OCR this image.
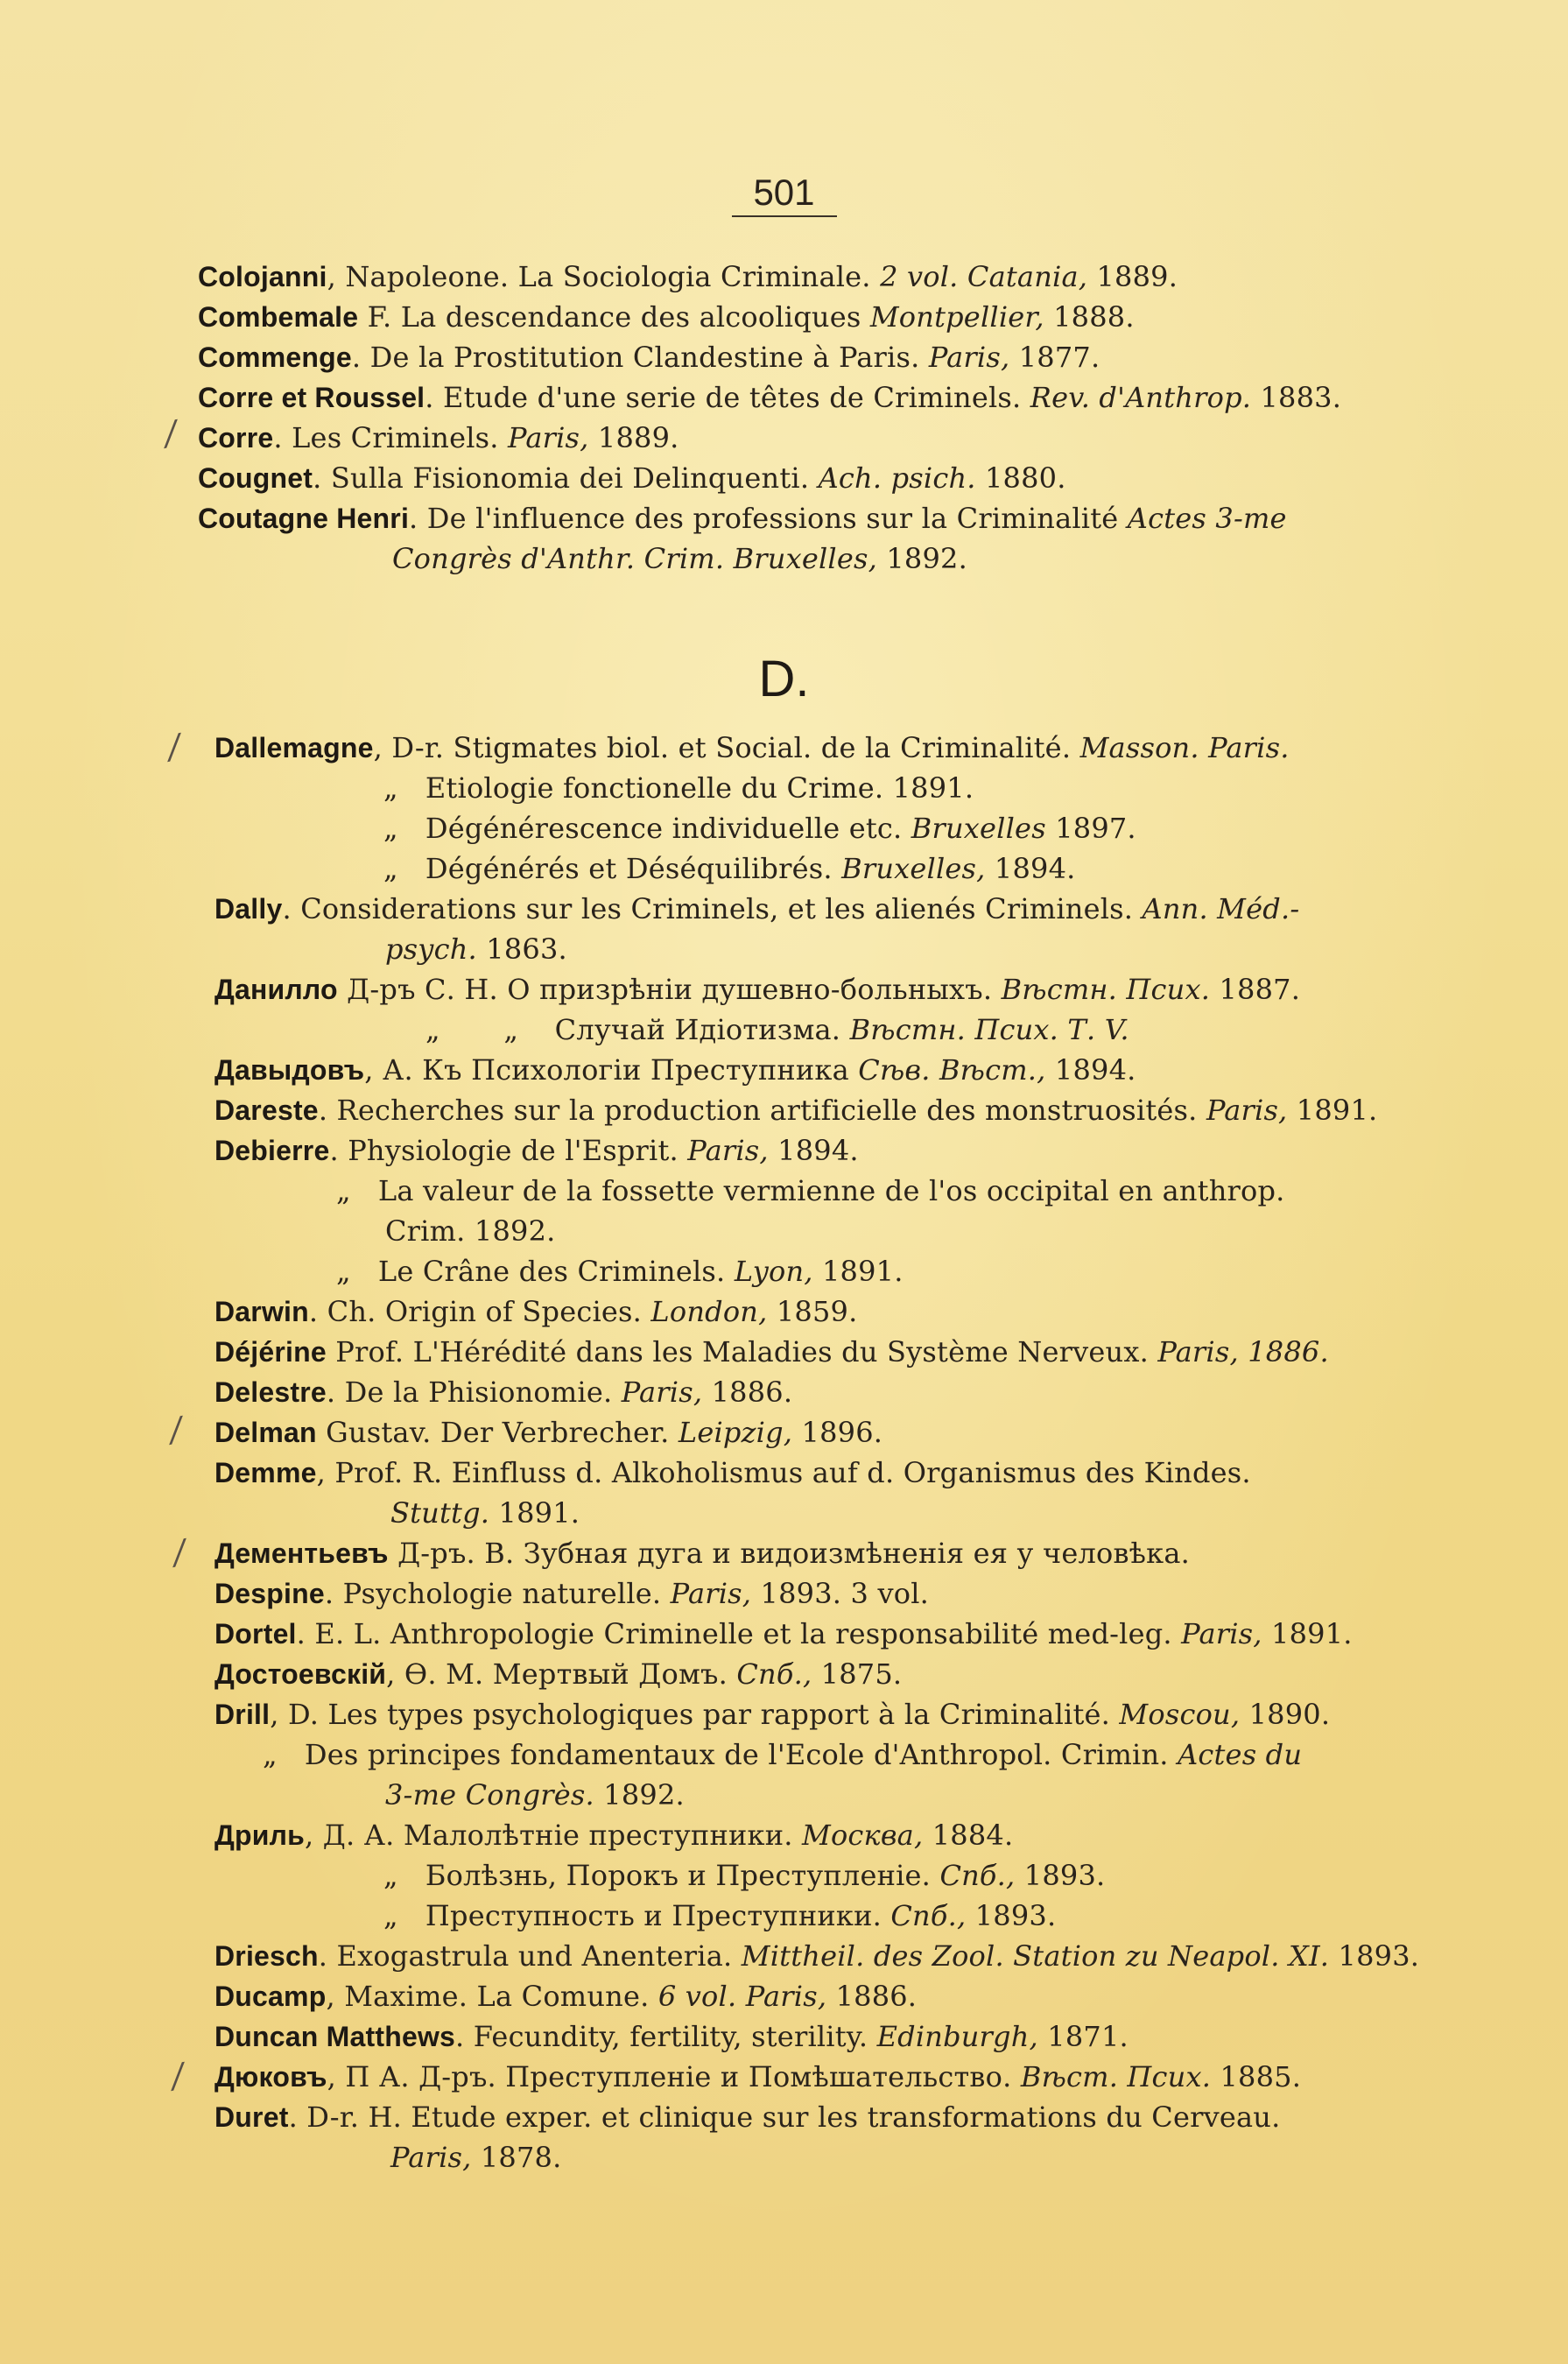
501
D.
Colojanni, Napoleone. La Sociologia Criminale. 2 vol. Catania, 1889.
Combemale F. La descendance des alcooliques Montpellier, 1888.
Commenge. De la Prostitution Clandestine à Paris. Paris, 1877.
Corre et Roussel. Etude d'une serie de têtes de Criminels. Rev. d'Anthrop. 1883.
⁄ Corre. Les Criminels. Paris, 1889.
Cougnet. Sulla Fisionomia dei Delinquenti. Ach. psich. 1880.
Coutagne Henri. De l'influence des professions sur la Criminalité Actes 3-me
Congrès d'Anthr. Crim. Bruxelles, 1892.
⁄ Dallemagne, D-r. Stigmates biol. et Social. de la Criminalité. Masson. Paris.
„ Etiologie fonctionelle du Crime. 1891.
„ Dégénérescence individuelle etc. Bruxelles 1897.
„ Dégénérés et Déséquilibrés. Bruxelles, 1894.
Dally. Considerations sur les Criminels, et les alienés Criminels. Ann. Méd.-
psych. 1863.
Данилло Д-ръ С. Н. О призрѣніи душевно-больныхъ. Вѣстн. Псих. 1887.
„ „ Случай Идіотизма. Вѣстн. Псих. Т. V.
Давыдовъ, А. Къ Психологіи Преступника Сѣв. Вѣст., 1894.
Dareste. Recherches sur la production artificielle des monstruosités. Paris, 1891.
Debierre. Physiologie de l'Esprit. Paris, 1894.
„ La valeur de la fossette vermienne de l'os occipital en anthrop.
Crim. 1892.
„ Le Crâne des Criminels. Lyon, 1891.
Darwin. Ch. Origin of Species. London, 1859.
Déjérine Prof. L'Hérédité dans les Maladies du Système Nerveux. Paris, 1886.
Delestre. De la Phisionomie. Paris, 1886.
⁄ Delman Gustav. Der Verbrecher. Leipzig, 1896.
Demme, Prof. R. Einfluss d. Alkoholismus auf d. Organismus des Kindes.
Stuttg. 1891.
⁄ Дементьевъ Д-ръ. В. Зубная дуга и видоизмѣненія ея у человѣка.
Despine. Psychologie naturelle. Paris, 1893. 3 vol.
Dortel. E. L. Anthropologie Criminelle et la responsabilité med-leg. Paris, 1891.
Достоевскій, Ѳ. М. Мертвый Домъ. Спб., 1875.
Drill, D. Les types psychologiques par rapport à la Criminalité. Moscou, 1890.
„ Des principes fondamentaux de l'Ecole d'Anthropol. Crimin. Actes du
3-me Congrès. 1892.
Дриль, Д. А. Малолѣтніе преступники. Москва, 1884.
„ Болѣзнь, Порокъ и Преступленіе. Спб., 1893.
„ Преступность и Преступники. Спб., 1893.
Driesch. Exogastrula und Anenteria. Mittheil. des Zool. Station zu Neapol. XI. 1893.
Ducamp, Maxime. La Comune. 6 vol. Paris, 1886.
Duncan Matthews. Fecundity, fertility, sterility. Edinburgh, 1871.
⁄ Дюковъ, П А. Д-ръ. Преступленіе и Помѣшательство. Вѣст. Псих. 1885.
Duret. D-r. H. Etude exper. et clinique sur les transformations du Cerveau.
Paris, 1878.
